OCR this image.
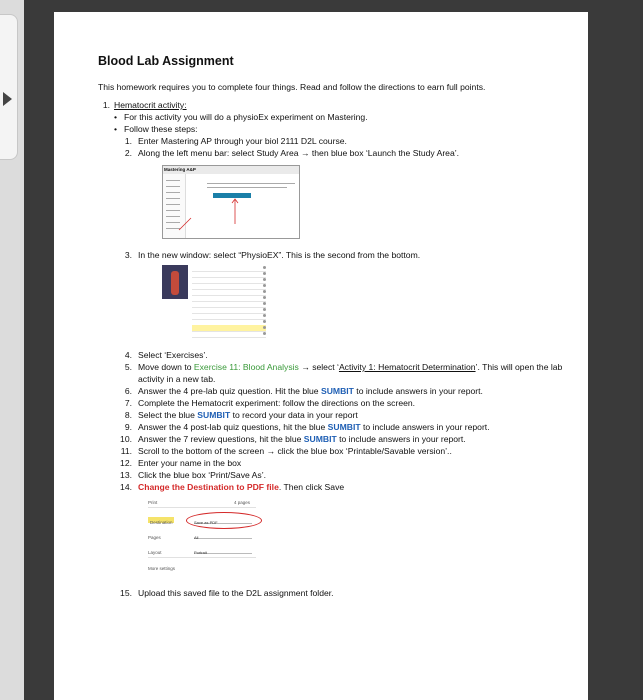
Blood Lab Assignment
This homework requires you to complete four things. Read and follow the directions to earn full points.
1. Hematocrit activity:
• For this activity you will do a physioEx experiment on Mastering.
• Follow these steps:
1. Enter Mastering AP through your biol 2111 D2L course.
2. Along the left menu bar: select Study Area → then blue box ‘Launch the Study Area’.
Mastering A&P
3. In the new window: select “PhysioEX”. This is the second from the bottom.
4. Select ‘Exercises’.
5. Move down to Exercise 11: Blood Analysis → select ‘Activity 1: Hematocrit Determination’. This will open the lab activity in a new tab.
6. Answer the 4 pre-lab quiz question. Hit the blue SUMBIT to include answers in your report.
7. Complete the Hematocrit experiment: follow the directions on the screen.
8. Select the blue SUMBIT to record your data in your report
9. Answer the 4 post-lab quiz questions, hit the blue SUMBIT to include answers in your report.
10. Answer the 7 review questions, hit the blue SUMBIT to include answers in your report.
11. Scroll to the bottom of the screen → click the blue box ‘Printable/Savable version’..
12. Enter your name in the box
13. Click the blue box ‘Print/Save As’.
14. Change the Destination to PDF file. Then click Save
Print	4 pages
Destination	Save as PDF
Pages	All
Layout	Portrait
More settings
15. Upload this saved file to the D2L assignment folder.
